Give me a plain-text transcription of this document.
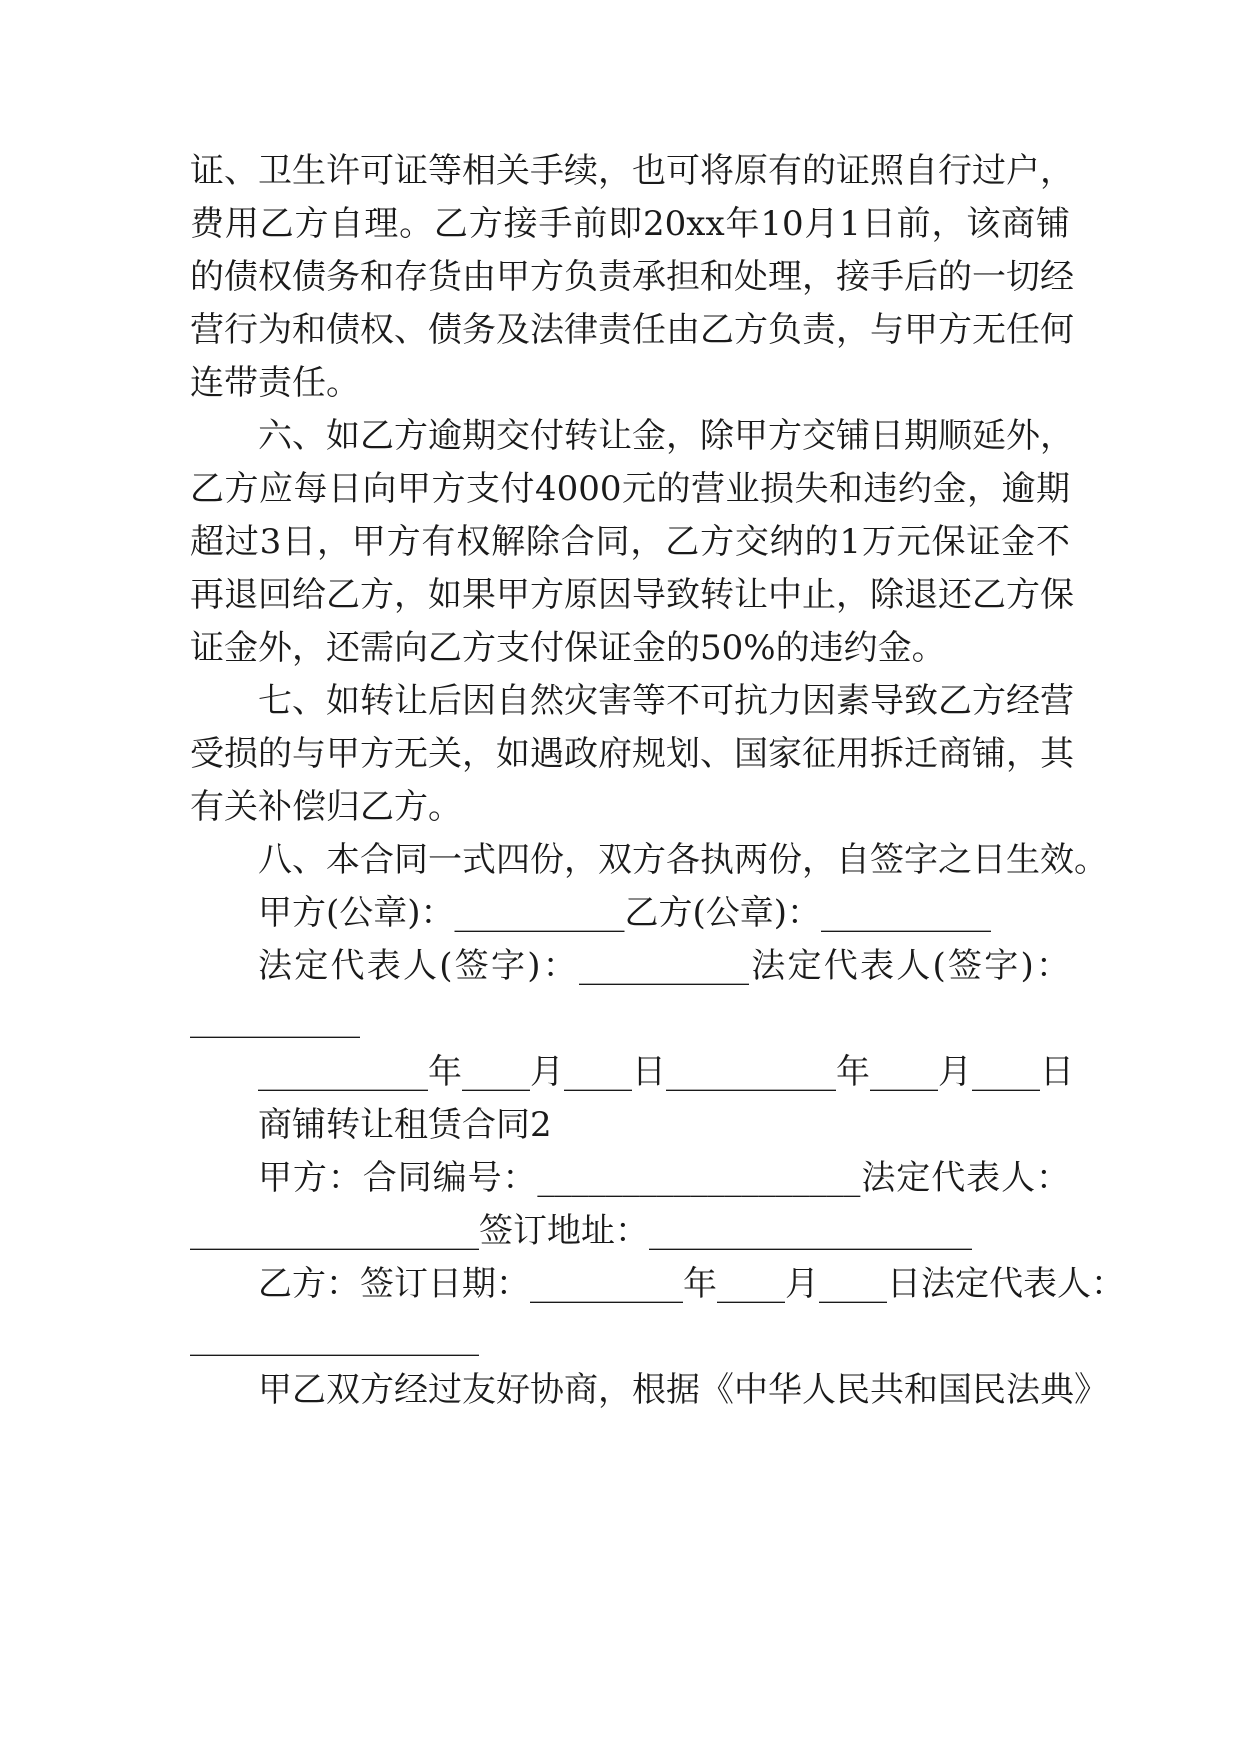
证、卫生许可证等相关手续，也可将原有的证照自行过户，
费用乙方自理。乙方接手前即20xx年10月1日前，该商铺
的债权债务和存货由甲方负责承担和处理，接手后的一切经
营行为和债权、债务及法律责任由乙方负责，与甲方无任何
连带责任。
六、如乙方逾期交付转让金，除甲方交铺日期顺延外，
乙方应每日向甲方支付4000元的营业损失和违约金，逾期
超过3日，甲方有权解除合同，乙方交纳的1万元保证金不
再退回给乙方，如果甲方原因导致转让中止，除退还乙方保
证金外，还需向乙方支付保证金的50%的违约金。
七、如转让后因自然灾害等不可抗力因素导致乙方经营
受损的与甲方无关，如遇政府规划、国家征用拆迁商铺，其
有关补偿归乙方。
八、本合同一式四份，双方各执两份，自签字之日生效。
甲方(公章)：__________乙方(公章)：__________
法定代表人(签字)：__________法定代表人(签字)：
__________
__________年____月____日__________年____月____日
商铺转让租赁合同2
甲方：合同编号：___________________法定代表人：
_________________签订地址：___________________
乙方：签订日期：_________年____月____日法定代表人：
_________________
甲乙双方经过友好协商，根据《中华人民共和国民法典》
